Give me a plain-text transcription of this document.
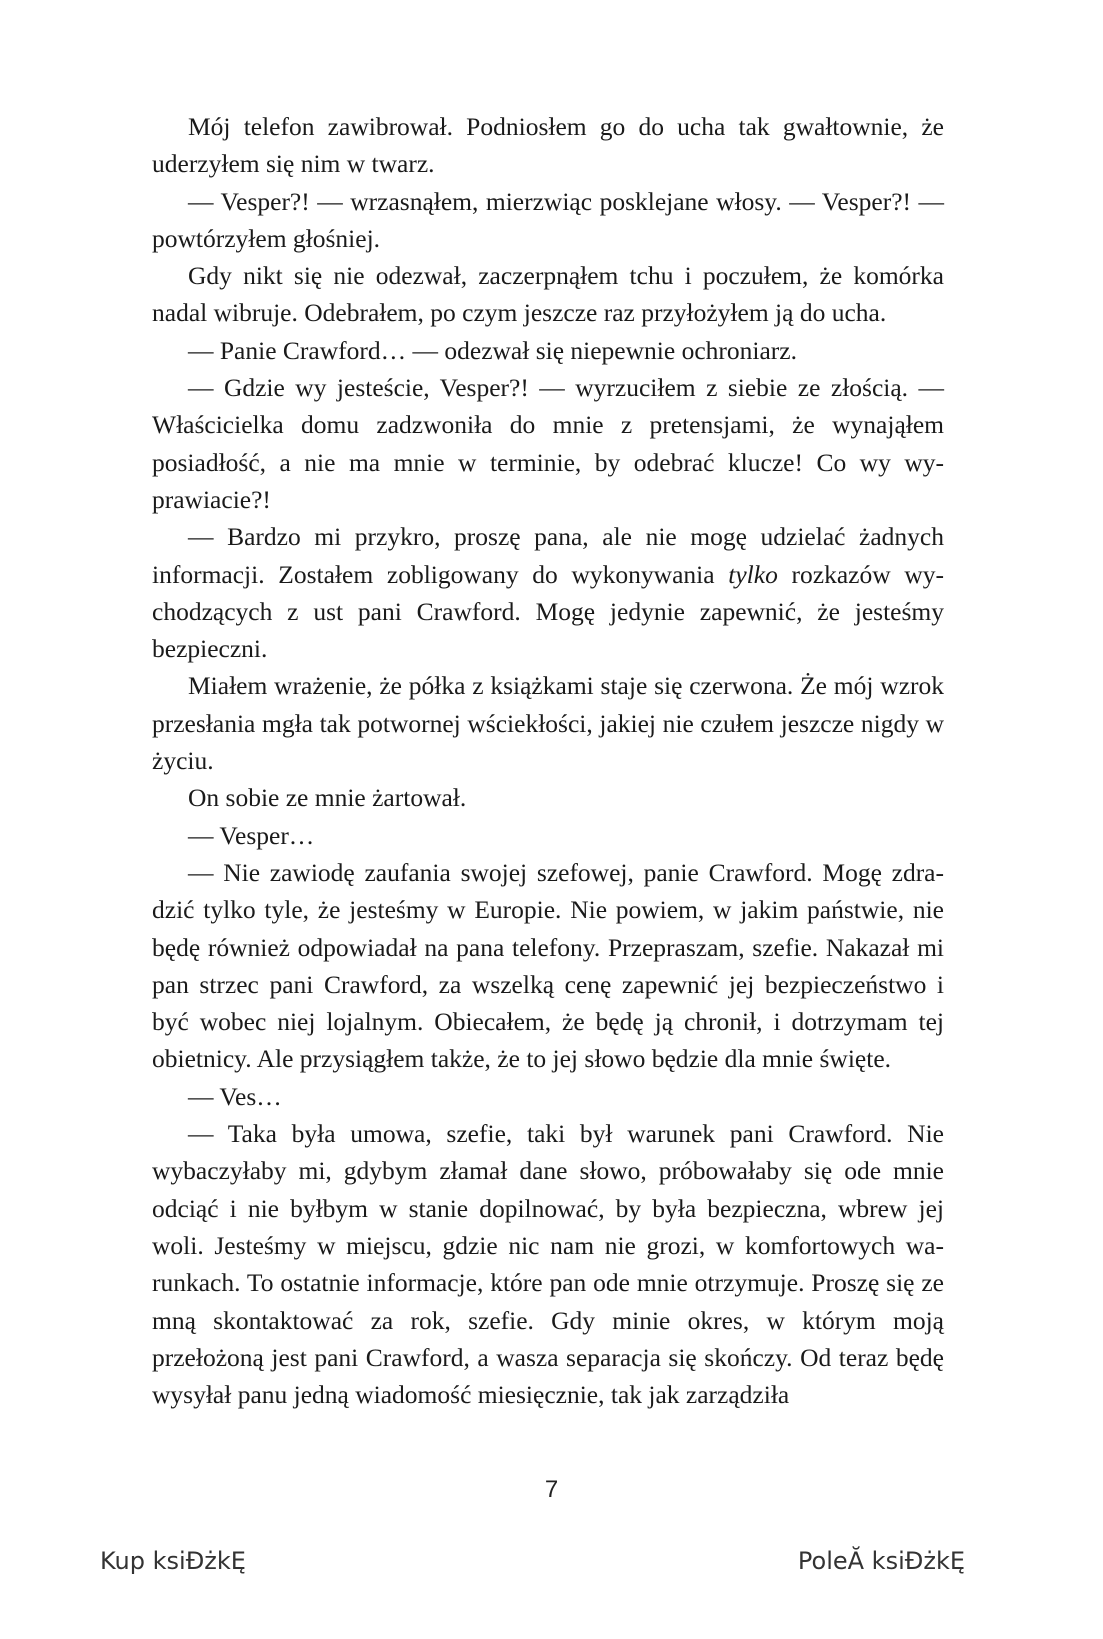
Mój telefon zawibrował. Podniosłem go do ucha tak gwałtownie, że uderzyłem się nim w twarz.

— Vesper?! — wrzasnąłem, mierzwiąc posklejane włosy. — Vesper?! — powtórzyłem głośniej.

Gdy nikt się nie odezwał, zaczerpnąłem tchu i poczułem, że komórka nadal wibruje. Odebrałem, po czym jeszcze raz przyłożyłem ją do ucha.

— Panie Crawford… — odezwał się niepewnie ochroniarz.

— Gdzie wy jesteście, Vesper?! — wyrzuciłem z siebie ze złością. — Właścicielka domu zadzwoniła do mnie z pretensjami, że wynająłem posiadłość, a nie ma mnie w terminie, by odebrać klucze! Co wy wyprawiacie?!

— Bardzo mi przykro, proszę pana, ale nie mogę udzielać żadnych informacji. Zostałem zobligowany do wykonywania tylko rozkazów wychodzących z ust pani Crawford. Mogę jedynie zapewnić, że jesteśmy bezpieczni.

Miałem wrażenie, że półka z książkami staje się czerwona. Że mój wzrok przesłania mgła tak potwornej wściekłości, jakiej nie czułem jeszcze nigdy w życiu.

On sobie ze mnie żartował.

— Vesper…

— Nie zawiodę zaufania swojej szefowej, panie Crawford. Mogę zdradzić tylko tyle, że jesteśmy w Europie. Nie powiem, w jakim państwie, nie będę również odpowiadał na pana telefony. Przepraszam, szefie. Nakazał mi pan strzec pani Crawford, za wszelką cenę zapewnić jej bezpieczeństwo i być wobec niej lojalnym. Obiecałem, że będę ją chronił, i dotrzymam tej obietnicy. Ale przysiągłem także, że to jej słowo będzie dla mnie święte.

— Ves…

— Taka była umowa, szefie, taki był warunek pani Crawford. Nie wybaczyłaby mi, gdybym złamał dane słowo, próbowałaby się ode mnie odciąć i nie byłbym w stanie dopilnować, by była bezpieczna, wbrew jej woli. Jesteśmy w miejscu, gdzie nic nam nie grozi, w komfortowych warunkach. To ostatnie informacje, które pan ode mnie otrzymuje. Proszę się ze mną skontaktować za rok, szefie. Gdy minie okres, w którym moją przełożoną jest pani Crawford, a wasza separacja się skończy. Od teraz będę wysyłał panu jedną wiadomość miesięcznie, tak jak zarządziła

7
Kup ksiĐżkĘ	PoleĂ ksiĐżkĘ
